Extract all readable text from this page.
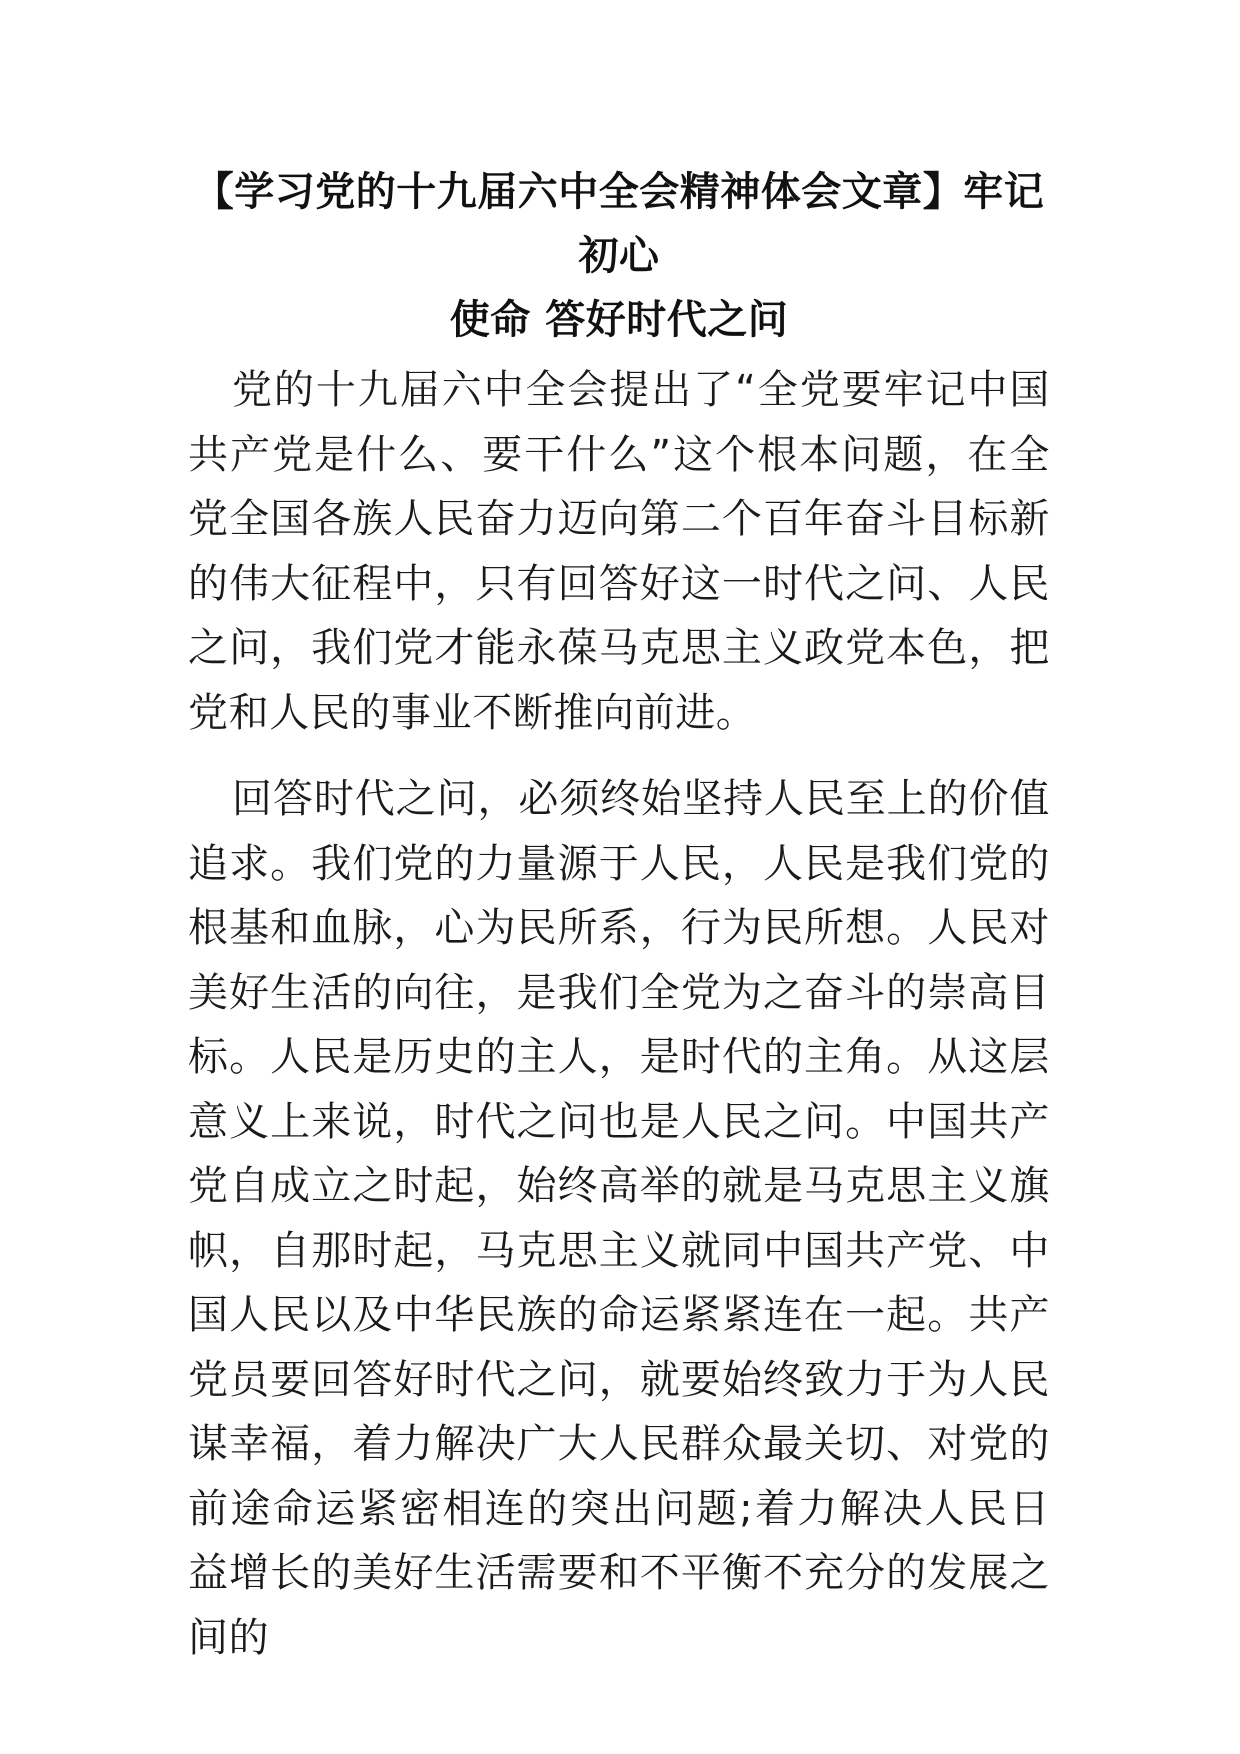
【学习党的十九届六中全会精神体会文章】牢记初心
使命 答好时代之问

党的十九届六中全会提出了“全党要牢记中国共产党是什么、要干什么”这个根本问题，在全党全国各族人民奋力迈向第二个百年奋斗目标新的伟大征程中，只有回答好这一时代之问、人民之问，我们党才能永葆马克思主义政党本色，把党和人民的事业不断推向前进。

回答时代之问，必须终始坚持人民至上的价值追求。我们党的力量源于人民，人民是我们党的根基和血脉，心为民所系，行为民所想。人民对美好生活的向往，是我们全党为之奋斗的崇高目标。人民是历史的主人，是时代的主角。从这层意义上来说，时代之问也是人民之问。中国共产党自成立之时起，始终高举的就是马克思主义旗帜，自那时起，马克思主义就同中国共产党、中国人民以及中华民族的命运紧紧连在一起。共产党员要回答好时代之问，就要始终致力于为人民谋幸福，着力解决广大人民群众最关切、对党的前途命运紧密相连的突出问题;着力解决人民日益增长的美好生活需要和不平衡不充分的发展之间的
